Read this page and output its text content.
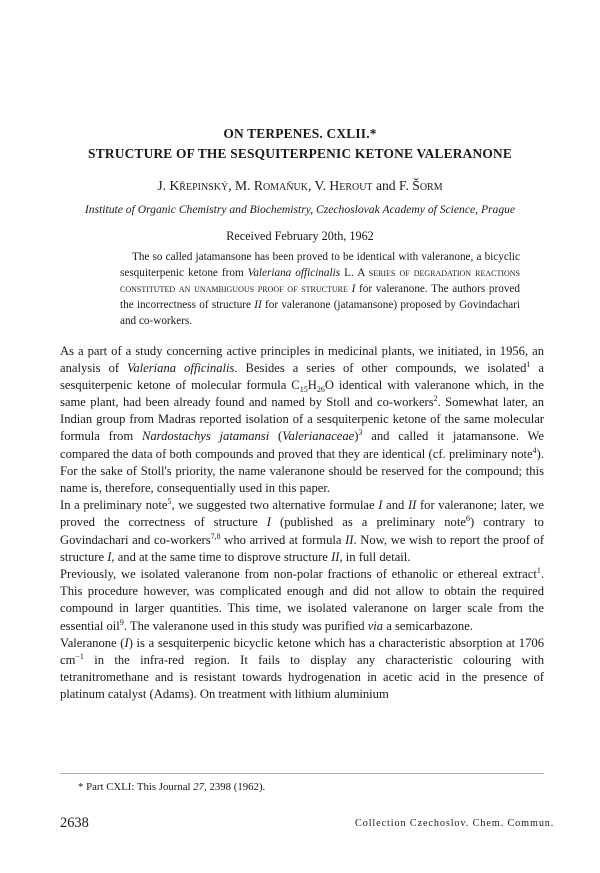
ON TERPENES. CXLII.*
STRUCTURE OF THE SESQUITERPENIC KETONE VALERANONE
J. Křepinský, M. Romaňuk, V. Herout and F. Šorm
Institute of Organic Chemistry and Biochemistry, Czechoslovak Academy of Science, Prague
Received February 20th, 1962

The so called jatamansone has been proved to be identical with valeranone, a bicyclic sesquiterpenic ketone from Valeriana officinalis L. A series of degradation reactions constituted an unambiguous proof of structure I for valeranone. The authors proved the incorrectness of structure II for valeranone (jatamansone) proposed by Govindachari and co-workers.

As a part of a study concerning active principles in medicinal plants, we initiated, in 1956, an analysis of Valeriana officinalis. Besides a series of other compounds, we isolated$^1$ a sesquiterpenic ketone of molecular formula $C_{15}H_{26}O$ identical with valeranone which, in the same plant, had been already found and named by Stoll and co-workers$^2$. Somewhat later, an Indian group from Madras reported isolation of a sesquiterpenic ketone of the same molecular formula from Nardostachys jatamansi (Valerianaceae)$^3$ and called it jatamansone. We compared the data of both compounds and proved that they are identical (cf. preliminary note$^4$). For the sake of Stoll's priority, the name valeranone should be reserved for the compound; this name is, therefore, consequentially used in this paper.

In a preliminary note$^5$, we suggested two alternative formulae I and II for valeranone; later, we proved the correctness of structure I (published as a preliminary note$^6$) contrary to Govindachari and co-workers$^{7,8}$ who arrived at formula II. Now, we wish to report the proof of structure I, and at the same time to disprove structure II, in full detail.

Previously, we isolated valeranone from non-polar fractions of ethanolic or ethereal extract$^1$. This procedure however, was complicated enough and did not allow to obtain the required compound in larger quantities. This time, we isolated valeranone on larger scale from the essential oil$^9$. The valeranone used in this study was purified via a semicarbazone.

Valeranone (I) is a sesquiterpenic bicyclic ketone which has a characteristic absorption at 1706 $cm^{-1}$ in the infra-red region. It fails to display any characteristic colouring with tetranitromethane and is resistant towards hydrogenation in acetic acid in the presence of platinum catalyst (Adams). On treatment with lithium aluminium

* Part CXLI: This Journal 27, 2398 (1962).
2638	Collection Czechoslov. Chem. Commun.
